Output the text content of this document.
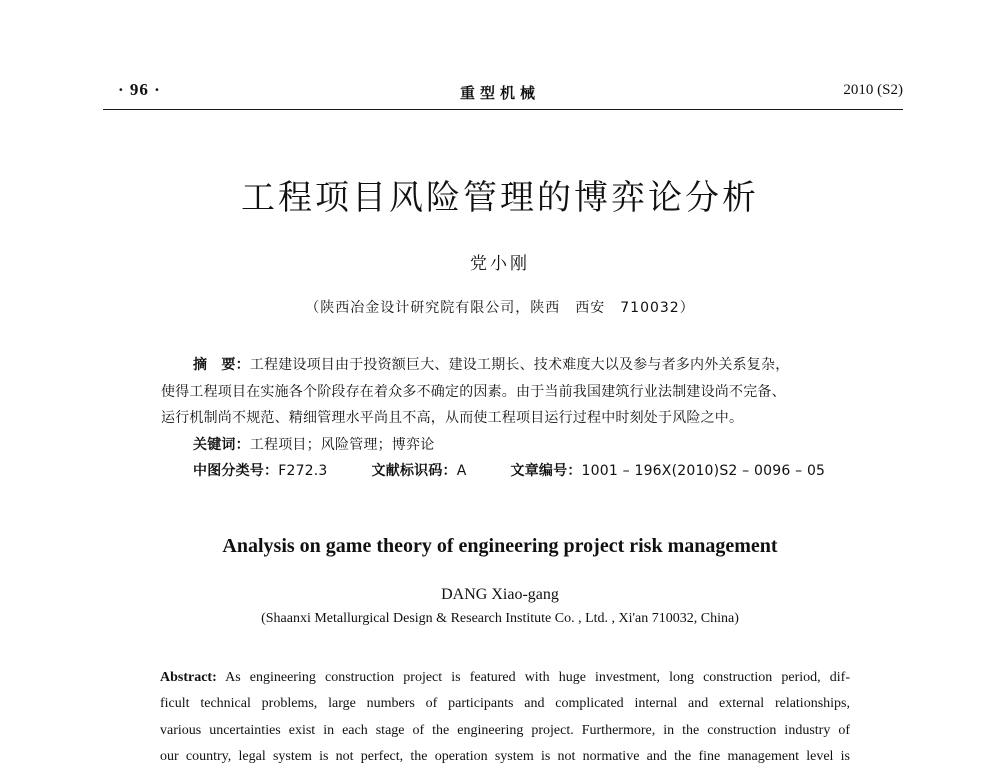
· 96 ·	重型机械	2010 (S2)
工程项目风险管理的博弈论分析
党小刚
（陕西冶金设计研究院有限公司，陕西　西安　710032）

摘　要：工程建设项目由于投资额巨大、建设工期长、技术难度大以及参与者多内外关系复杂，

使得工程项目在实施各个阶段存在着众多不确定的因素。由于当前我国建筑行业法制建设尚不完备、

运行机制尚不规范、精细管理水平尚且不高，从而使工程项目运行过程中时刻处于风险之中。

关键词：工程项目；风险管理；博弈论

中图分类号：F272.3	文献标识码：A	文章编号：1001 – 196X(2010)S2 – 0096 – 05

Analysis on game theory of engineering project risk management
DANG Xiao-gang
(Shaanxi Metallurgical Design & Research Institute Co. , Ltd. , Xi'an 710032, China)
Abstract: As engineering construction project is featured with huge investment, long construction period, dif-
ficult technical problems, large numbers of participants and complicated internal and external relationships,
various uncertainties exist in each stage of the engineering project. Furthermore, in the construction industry of
our country, legal system is not perfect, the operation system is not normative and the fine management level is
